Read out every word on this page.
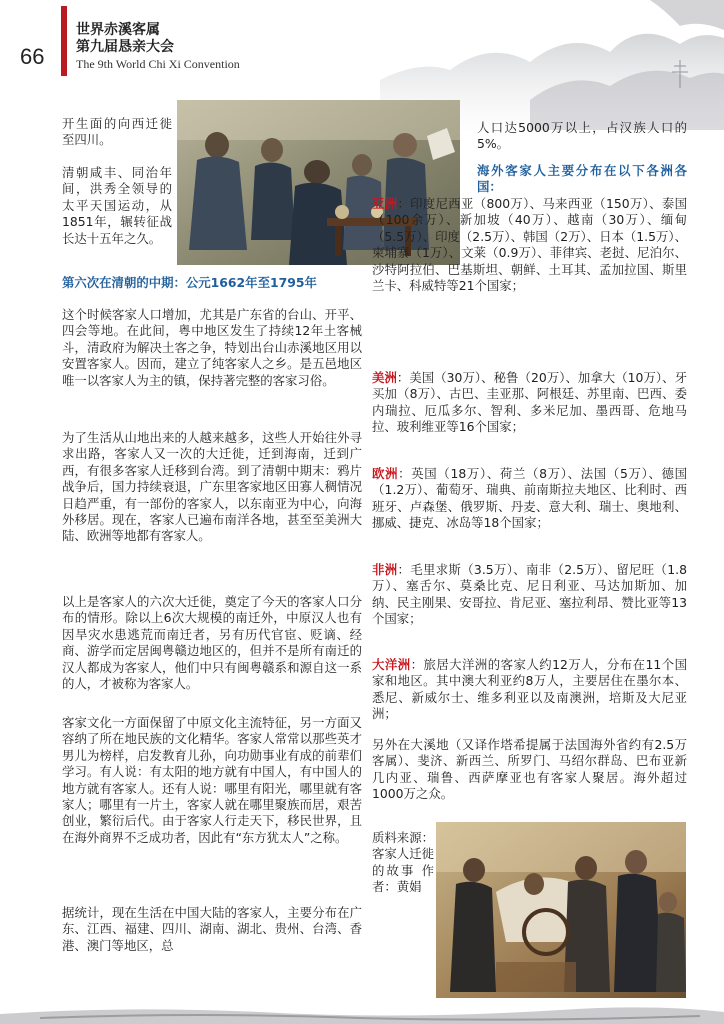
66
世界赤溪客属
第九届恳亲大会
The 9th World Chi Xi Convention
开生面的向西迁徙至四川。
清朝咸丰、同治年间，洪秀全领导的太平天国运动，从1851年，辗转征战长达十五年之久。
第六次在清朝的中期：公元1662年至1795年
这个时候客家人口增加，尤其是广东省的台山、开平、四会等地。在此间，粤中地区发生了持续12年土客械斗，清政府为解决土客之争，特划出台山赤溪地区用以安置客家人。因而，建立了纯客家人之乡。是五邑地区唯一以客家人为主的镇，保持著完整的客家习俗。
为了生活从山地出来的人越来越多，这些人开始往外寻求出路，客家人又一次的大迁徙，迁到海南，迁到广西，有很多客家人迁移到台湾。到了清朝中期末：鸦片战争后，国力持续衰退，广东里客家地区田寡人稠情况日趋严重，有一部份的客家人，以东南亚为中心，向海外移居。现在，客家人已遍布南洋各地，甚至至美洲大陆、欧洲等地都有客家人。
以上是客家人的六次大迁徙，奠定了今天的客家人口分布的情形。除以上6次大规模的南迁外，中原汉人也有因旱灾水患逃荒而南迁者，另有历代官宦、贬谪、经商、游学而定居闽粤赣边地区的，但并不是所有南迁的汉人都成为客家人，他们中只有闽粤赣系和源自这一系的人，才被称为客家人。
客家文化一方面保留了中原文化主流特征，另一方面又容纳了所在地民族的文化精华。客家人常常以那些英才男儿为榜样，启发教育儿孙，向功勋事业有成的前辈们学习。有人说：有太阳的地方就有中国人，有中国人的地方就有客家人。还有人说：哪里有阳光，哪里就有客家人；哪里有一片土，客家人就在哪里聚族而居，艰苦创业，繁衍后代。由于客家人行走天下，移民世界，且在海外商界不乏成功者，因此有“东方犹太人”之称。
据统计，现在生活在中国大陆的客家人，主要分布在广东、江西、福建、四川、湖南、湖北、贵州、台湾、香港、澳门等地区，总
人口达5000万以上，占汉族人口的5%。
海外客家人主要分布在以下各洲各国：
亚洲：印度尼西亚（800万）、马来西亚（150万）、泰国（100余万）、新加坡（40万）、越南（30万）、缅甸（5.5万）、印度（2.5万）、韩国（2万）、日本（1.5万）、柬埔寨（1万）、文莱（0.9万）、菲律宾、老挝、尼泊尔、沙特阿拉伯、巴基斯坦、朝鲜、土耳其、孟加拉国、斯里兰卡、科威特等21个国家；
美洲：美国（30万）、秘鲁（20万）、加拿大（10万）、牙买加（8万）、古巴、圭亚那、阿根廷、苏里南、巴西、委内瑞拉、厄瓜多尔、智利、多米尼加、墨西哥、危地马拉、玻利维亚等16个国家；
欧洲：英国（18万）、荷兰（8万）、法国（5万）、德国（1.2万）、葡萄牙、瑞典、前南斯拉夫地区、比利时、西班牙、卢森堡、俄罗斯、丹麦、意大利、瑞士、奥地利、挪威、捷克、冰岛等18个国家；
非洲：毛里求斯（3.5万）、南非（2.5万）、留尼旺（1.8万）、塞舌尔、莫桑比克、尼日利亚、马达加斯加、加纳、民主刚果、安哥拉、肯尼亚、塞拉利昂、赞比亚等13个国家；
大洋洲：旅居大洋洲的客家人约12万人，分布在11个国家和地区。其中澳大利亚约8万人，主要居住在墨尔本、悉尼、新威尔士、维多利亚以及南澳洲，培斯及大尼亚洲；
另外在大溪地（又译作塔希提属于法国海外省约有2.5万客属）、斐济、新西兰、所罗门、马绍尔群岛、巴布亚新几内亚、瑞鲁、西萨摩亚也有客家人聚居。海外超过1000万之众。
质料来源：客家人迁徙的故事 作者：黄娟
